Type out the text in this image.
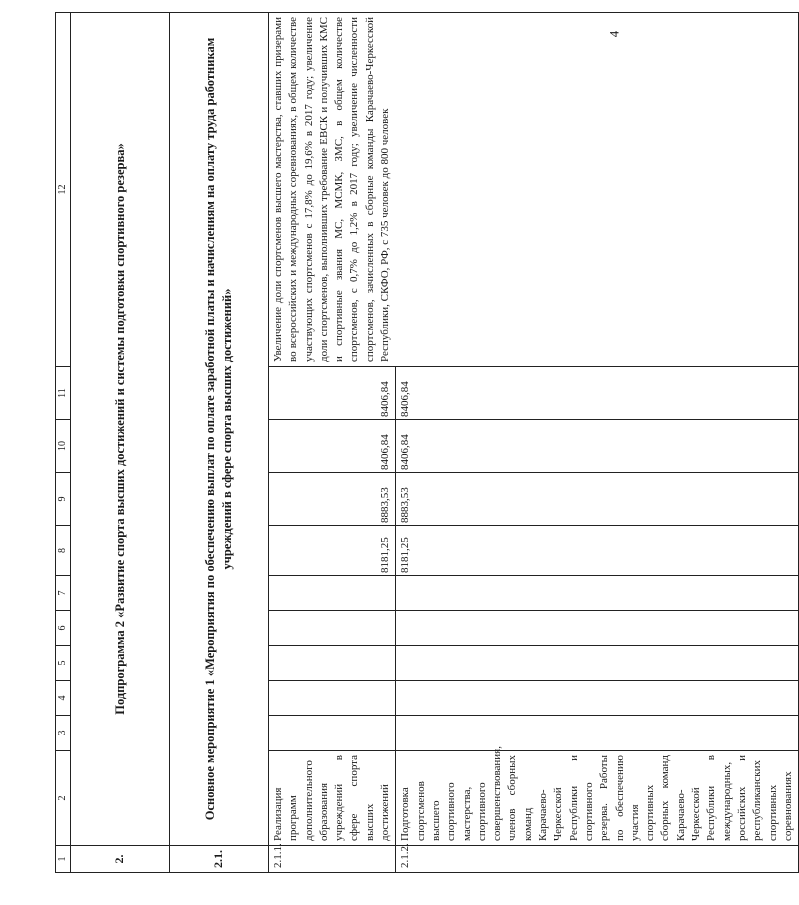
4
1	2	3	4	5	6	7	8	9	10	11	12
2.	Подпрограмма 2 «Развитие спорта высших достижений и системы подготовки спортивного резерва»										
2.1.	Основное мероприятие 1 «Мероприятия по обеспечению выплат по оплате заработной платы и начислениям на оплату труда работникам учреждений в сфере спорта высших достижений»										
2.1.1.	Реализация программ дополнительного образования учреждений в сфере спорта высших достижений						8181,25	8883,53	8406,84	8406,84	Увеличение доли спортсменов высшего мастерства, ставших призерами во всероссийских и международных соревнованиях, в общем количестве участвующих спортсменов с 17,8% до 19,6% в 2017 году; увеличение доли спортсменов, выполнивших требование ЕВСК и получивших КМС и спортивные звания МС, МСМК, ЗМС, в общем количестве спортсменов, с 0,7% до 1,2% в 2017 году; увеличение численности спортсменов, зачисленных в сборные команды Карачаево-Черкесской Республики, СКФО, РФ, с 735 человек до 800 человек
2.1.2.	Подготовка спортсменов высшего спортивного мастерства, спортивного совершенствования, членов сборных команд Карачаево-Черкесской Республики и спортивного резерва. Работы по обеспечению участия спортивных сборных команд Карачаево-Черкесской Республики в международных, российских и республиканских спортивных соревнованиях						8181,25	8883,53	8406,84	8406,84	
